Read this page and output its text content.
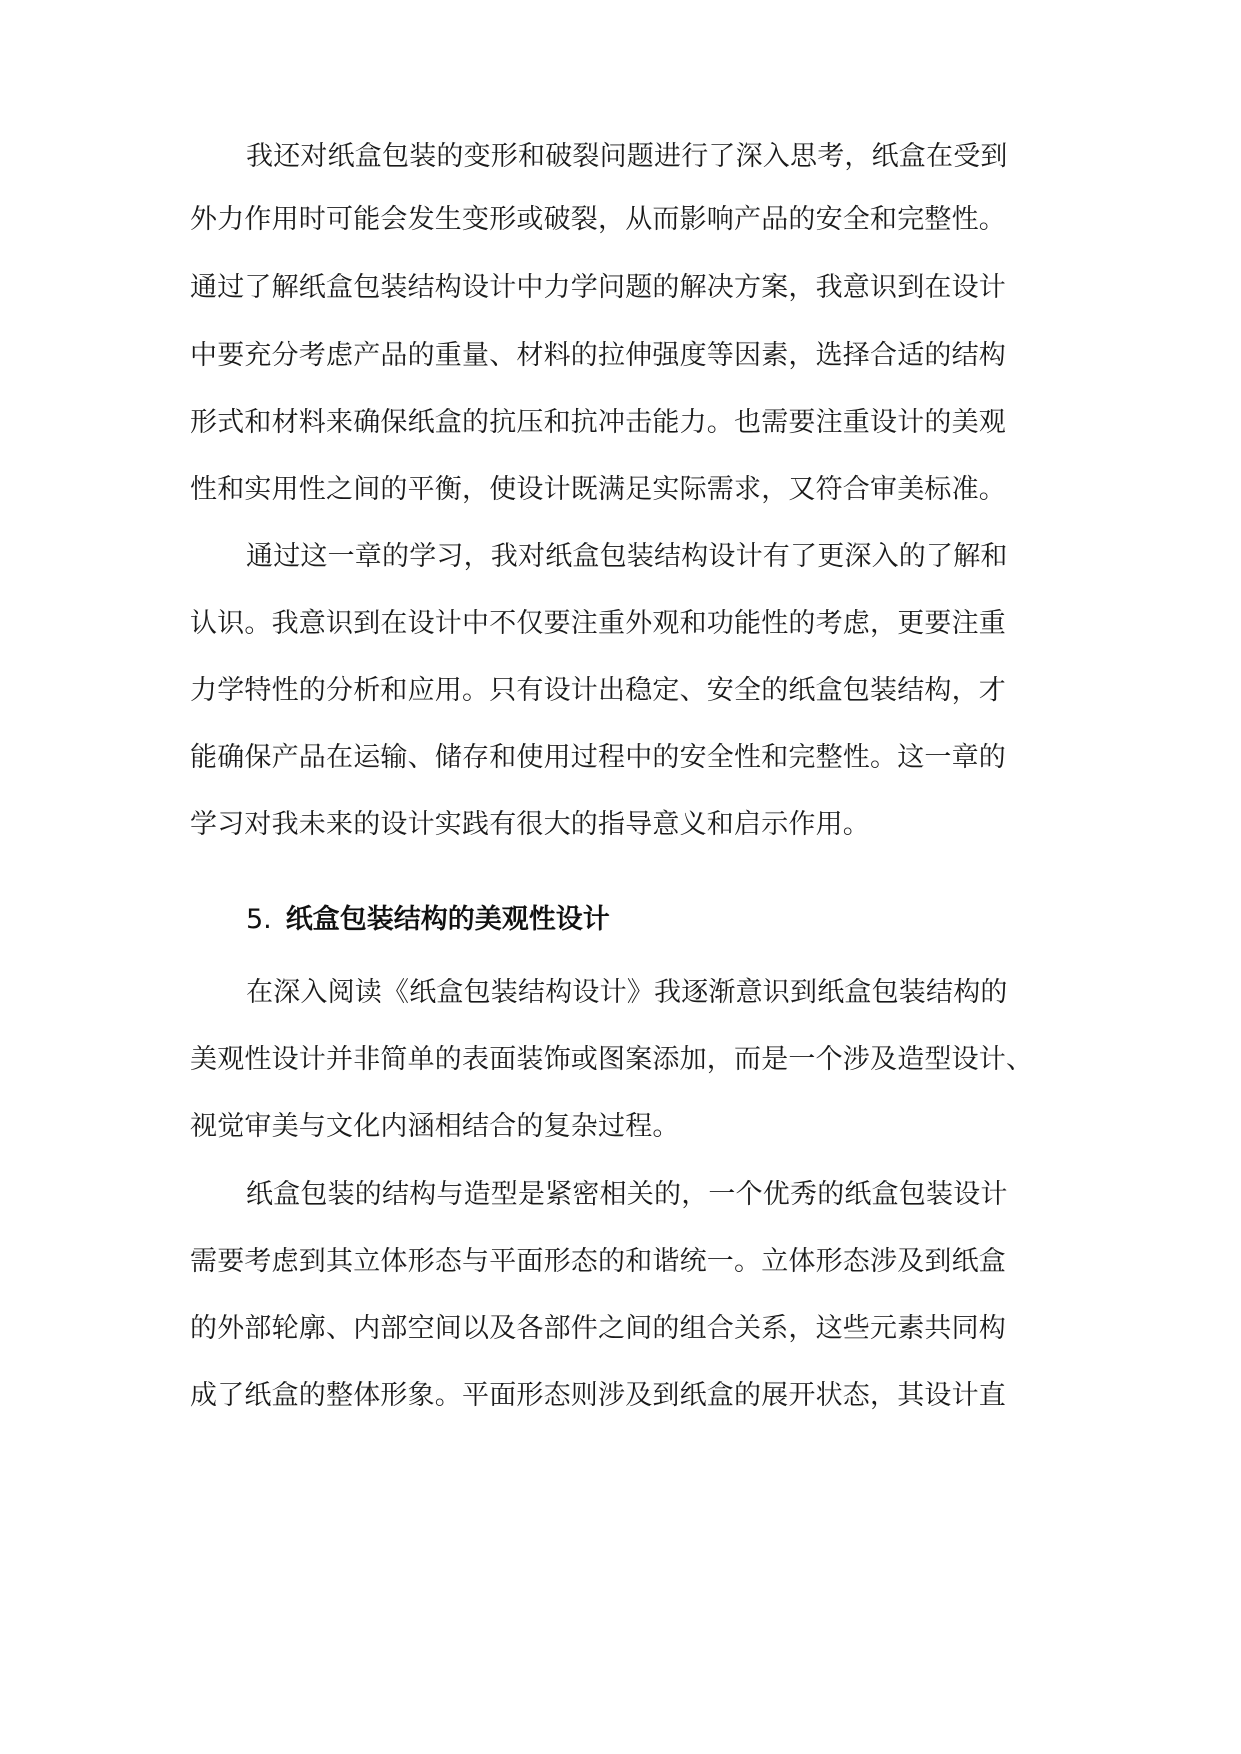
我还对纸盒包装的变形和破裂问题进行了深入思考，纸盒在受到
外力作用时可能会发生变形或破裂，从而影响产品的安全和完整性。
通过了解纸盒包装结构设计中力学问题的解决方案，我意识到在设计
中要充分考虑产品的重量、材料的拉伸强度等因素，选择合适的结构
形式和材料来确保纸盒的抗压和抗冲击能力。也需要注重设计的美观
性和实用性之间的平衡，使设计既满足实际需求，又符合审美标准。
通过这一章的学习，我对纸盒包装结构设计有了更深入的了解和
认识。我意识到在设计中不仅要注重外观和功能性的考虑，更要注重
力学特性的分析和应用。只有设计出稳定、安全的纸盒包装结构，才
能确保产品在运输、储存和使用过程中的安全性和完整性。这一章的
学习对我未来的设计实践有很大的指导意义和启示作用。
5. 纸盒包装结构的美观性设计
在深入阅读《纸盒包装结构设计》我逐渐意识到纸盒包装结构的
美观性设计并非简单的表面装饰或图案添加，而是一个涉及造型设计、
视觉审美与文化内涵相结合的复杂过程。
纸盒包装的结构与造型是紧密相关的，一个优秀的纸盒包装设计
需要考虑到其立体形态与平面形态的和谐统一。立体形态涉及到纸盒
的外部轮廓、内部空间以及各部件之间的组合关系，这些元素共同构
成了纸盒的整体形象。平面形态则涉及到纸盒的展开状态，其设计直
